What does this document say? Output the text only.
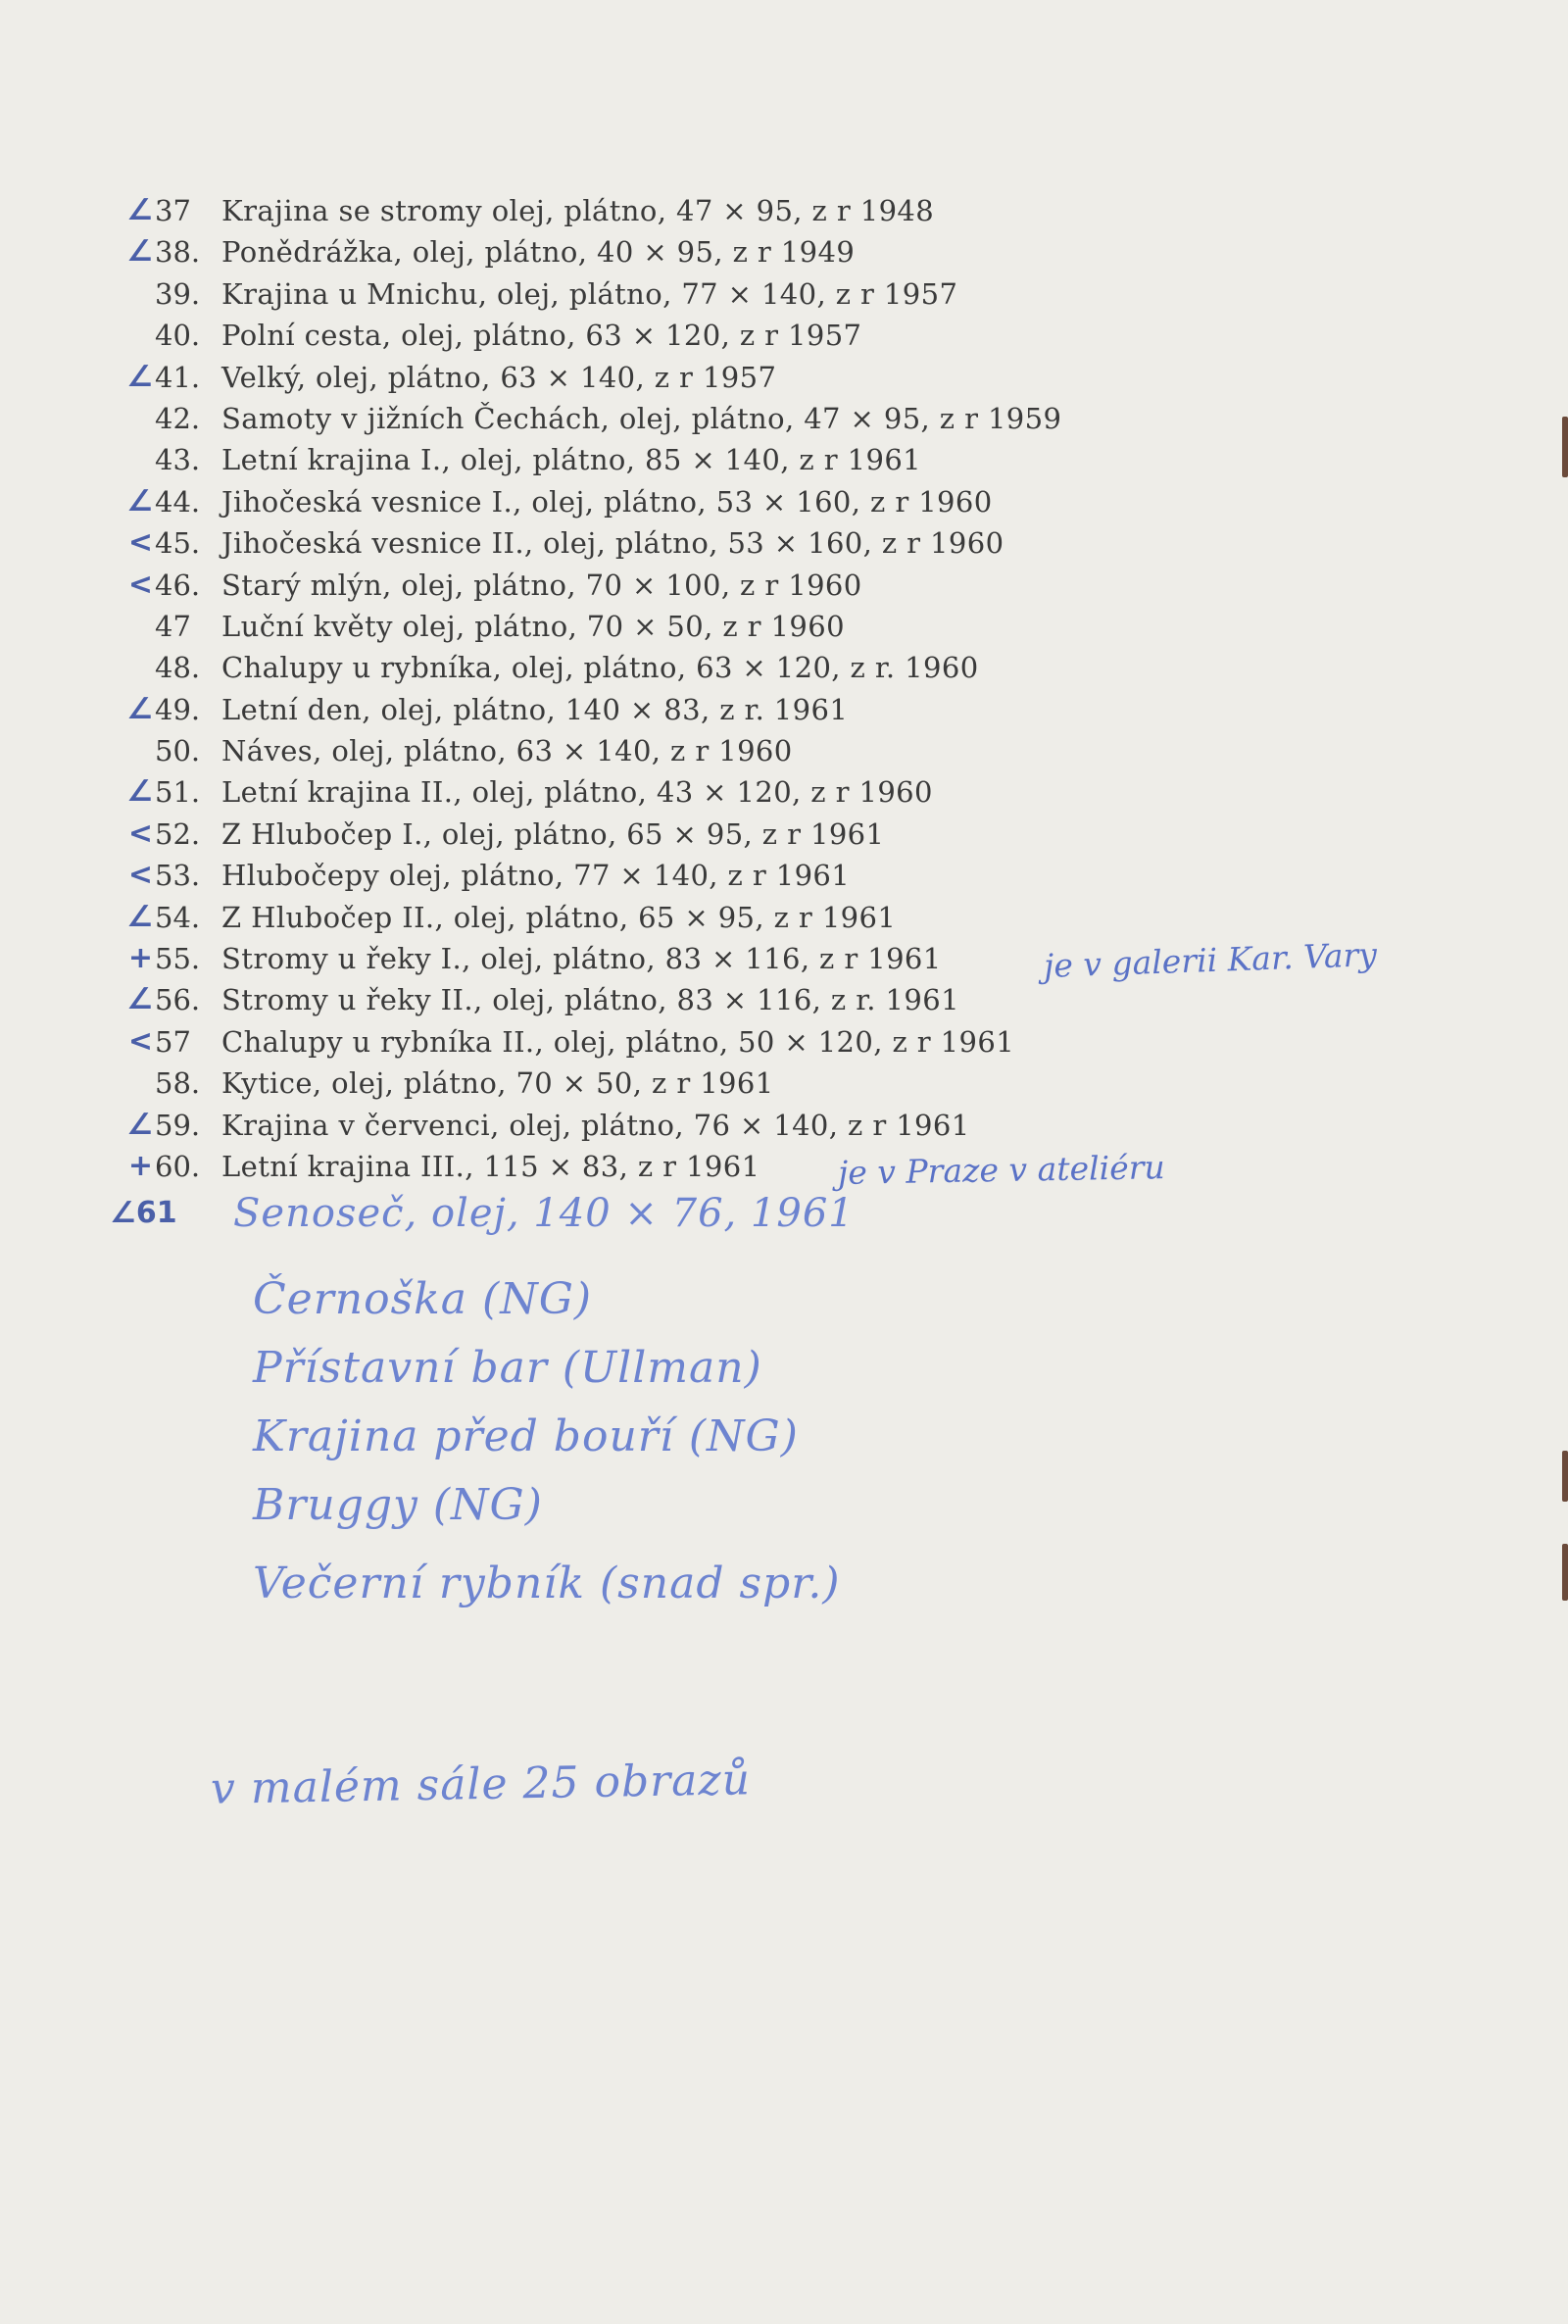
∠ 37	Krajina se stromy olej, plátno, 47 × 95, z r 1948
∠ 38. Ponědrážka, olej, plátno, 40 × 95, z r 1949
39. Krajina u Mnichu, olej, plátno, 77 × 140, z r 1957
40. Polní cesta, olej, plátno, 63 × 120, z r 1957
∠ 41. Velký, olej, plátno, 63 × 140, z r 1957
42. Samoty v jižních Čechách, olej, plátno, 47 × 95, z r 1959
43. Letní krajina I., olej, plátno, 85 × 140, z r 1961
∠ 44. Jihočeská vesnice I., olej, plátno, 53 × 160, z r 1960
< 45. Jihočeská vesnice II., olej, plátno, 53 × 160, z r 1960
< 46. Starý mlýn, olej, plátno, 70 × 100, z r 1960
47	Luční květy olej, plátno, 70 × 50, z r 1960
48. Chalupy u rybníka, olej, plátno, 63 × 120, z r. 1960
∠ 49. Letní den, olej, plátno, 140 × 83, z r. 1961
50. Náves, olej, plátno, 63 × 140, z r 1960
∠ 51. Letní krajina II., olej, plátno, 43 × 120, z r 1960
< 52. Z Hlubočep I., olej, plátno, 65 × 95, z r 1961
< 53. Hlubočepy olej, plátno, 77 × 140, z r 1961
∠ 54. Z Hlubočep II., olej, plátno, 65 × 95, z r 1961
+ 55. Stromy u řeky I., olej, plátno, 83 × 116, z r 1961
∠ 56. Stromy u řeky II., olej, plátno, 83 × 116, z r. 1961
< 57	Chalupy u rybníka II., olej, plátno, 50 × 120, z r 1961
58. Kytice, olej, plátno, 70 × 50, z r 1961
∠ 59. Krajina v červenci, olej, plátno, 76 × 140, z r 1961
+ 60. Letní krajina III., 115 × 83, z r 1961
je v galerii Kar. Vary
je v Praze v ateliéru
∠61 Senoseč, olej, 140 × 76, 1961
Černoška (NG)
Přístavní bar (Ullman)
Krajina před bouří (NG)
Bruggy (NG)
Večerní rybník (snad spr.)
v malém sále 25 obrazů
